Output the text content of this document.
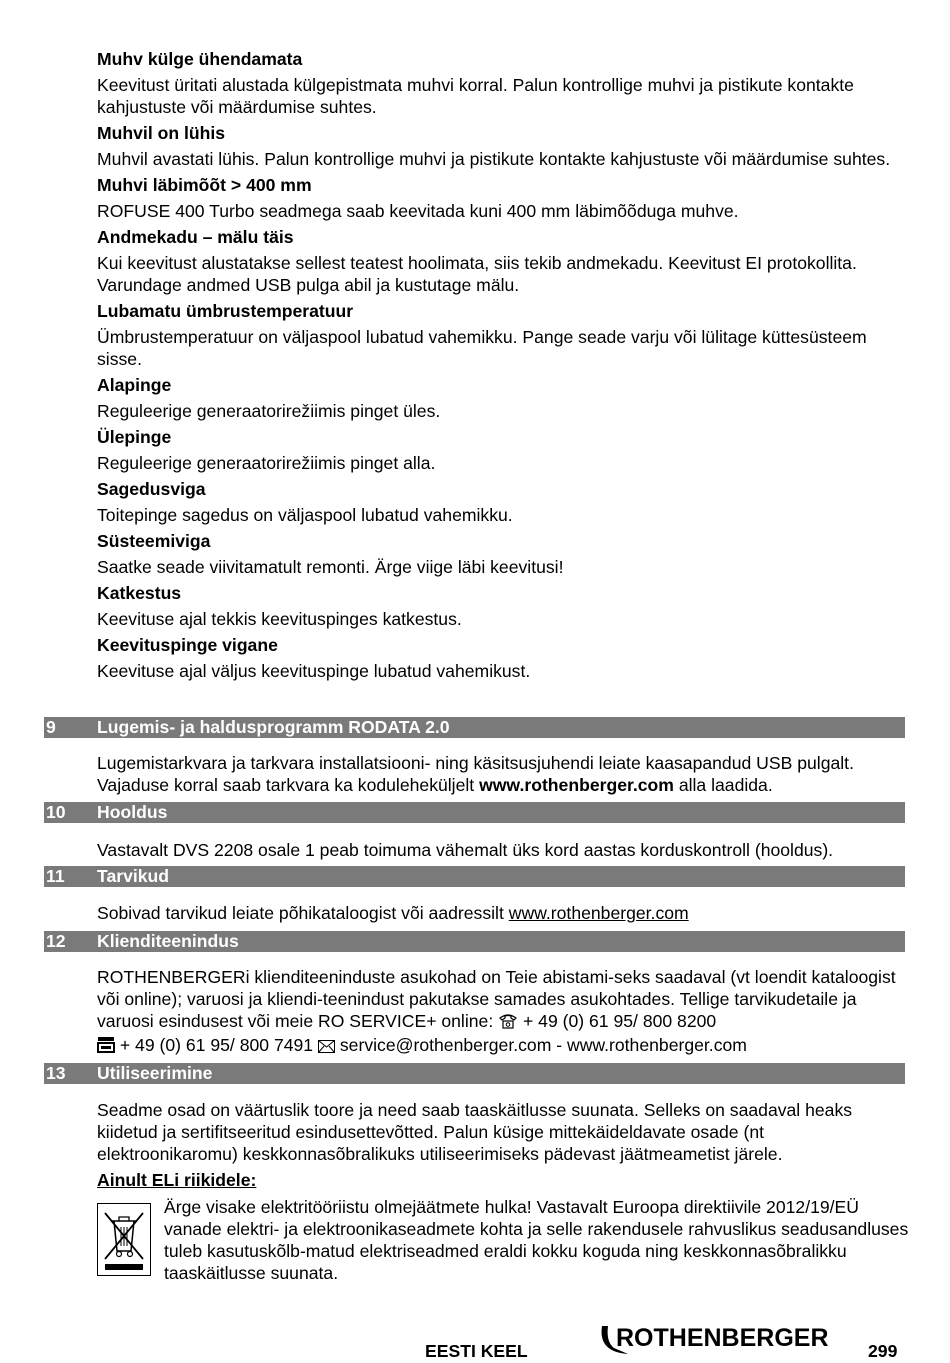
Muhv külge ühendamata

Keevitust üritati alustada külgepistmata muhvi korral. Palun kontrollige muhvi ja pistikute kontakte kahjustuste või määrdumise suhtes.

Muhvil on lühis

Muhvil avastati lühis. Palun kontrollige muhvi ja pistikute kontakte kahjustuste või määrdumise suhtes.

Muhvi läbimõõt > 400 mm

ROFUSE 400 Turbo seadmega saab keevitada kuni 400 mm läbimõõduga muhve.

Andmekadu – mälu täis

Kui keevitust alustatakse sellest teatest hoolimata, siis tekib andmekadu. Keevitust EI protokollita. Varundage andmed USB pulga abil ja kustutage mälu.

Lubamatu ümbrustemperatuur

Ümbrustemperatuur on väljaspool lubatud vahemikku. Pange seade varju või lülitage küttesüsteem sisse.

Alapinge

Reguleerige generaatorirežiimis pinget üles.

Ülepinge

Reguleerige generaatorirežiimis pinget alla.

Sagedusviga

Toitepinge sagedus on väljaspool lubatud vahemikku.

Süsteemiviga

Saatke seade viivitamatult remonti. Ärge viige läbi keevitusi!

Katkestus

Keevituse ajal tekkis keevituspinges katkestus.

Keevituspinge vigane

Keevituse ajal väljus keevituspinge lubatud vahemikust.

9 Lugemis- ja haldusprogramm RODATA 2.0

Lugemistarkvara ja tarkvara installatsiooni- ning käsitsusjuhendi leiate kaasapandud USB pulgalt. Vajaduse korral saab tarkvara ka koduleheküljelt www.rothenberger.com alla laadida.

10 Hooldus

Vastavalt DVS 2208 osale 1 peab toimuma vähemalt üks kord aastas korduskontroll (hooldus).

11 Tarvikud

Sobivad tarvikud leiate põhikataloogist või aadressilt www.rothenberger.com

12 Klienditeenindus

ROTHENBERGERi klienditeeninduste asukohad on Teie abistami-seks saadaval (vt loendit kataloogist või online); varuosi ja kliendi-teenindust pakutakse samades asukohtades. Tellige tarvikudetaile ja varuosi esindusest või meie RO SERVICE+ online:  + 49 (0) 61 95/ 800 8200
+ 49 (0) 61 95/ 800 7491 service@rothenberger.com - www.rothenberger.com

13 Utiliseerimine

Seadme osad on väärtuslik toore ja need saab taaskäitlusse suunata. Selleks on saadaval heaks kiidetud ja sertifitseeritud esindusettevõtted. Palun küsige mittekäideldavate osade (nt elektroonikaromu) keskkonnasõbralikuks utiliseerimiseks pädevast jäätmeametist järele.

Ainult ELi riikidele:

Ärge visake elektritööriistu olmejäätmete hulka! Vastavalt Euroopa direktiivile 2012/19/EÜ vanade elektri- ja elektroonikaseadmete kohta ja selle rakendusele rahvuslikus seadusandluses tuleb kasutuskõlb-matud elektriseadmed eraldi kokku koguda ning keskkonnasõbralikku taaskäitlusse suunata.

EESTI KEEL	ROTHENBERGER 299
